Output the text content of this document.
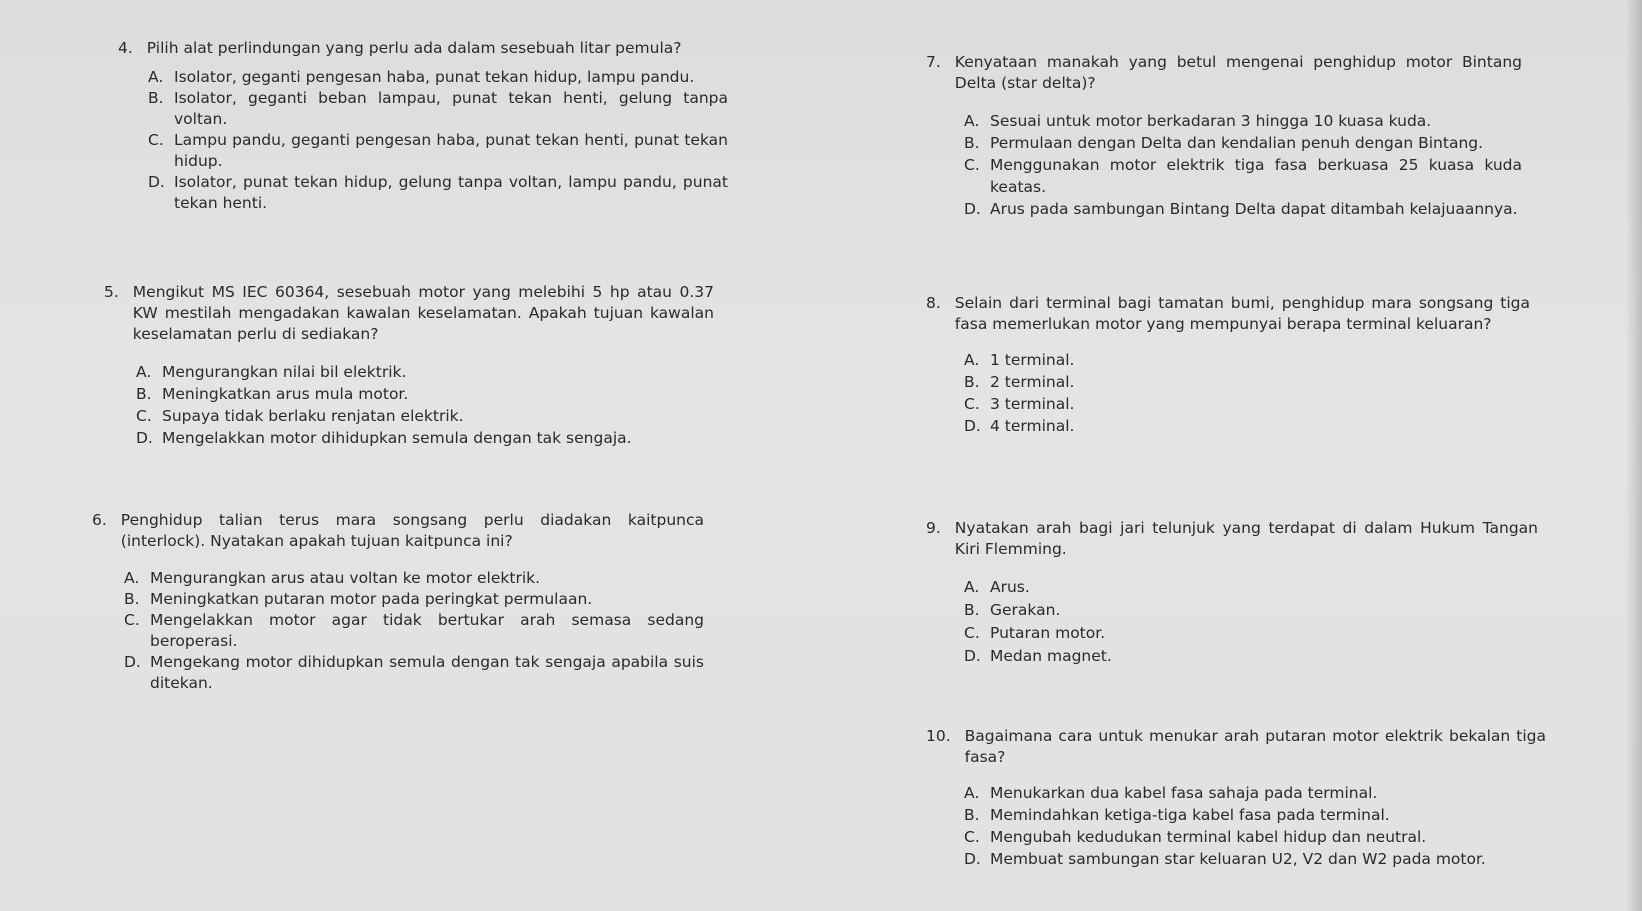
4. Pilih alat perlindungan yang perlu ada dalam sesebuah litar pemula?
A. Isolator, geganti pengesan haba, punat tekan hidup, lampu pandu.
B. Isolator, geganti beban lampau, punat tekan henti, gelung tanpa voltan.
C. Lampu pandu, geganti pengesan haba, punat tekan henti, punat tekan hidup.
D. Isolator, punat tekan hidup, gelung tanpa voltan, lampu pandu, punat tekan henti.
5. Mengikut MS IEC 60364, sesebuah motor yang melebihi 5 hp atau 0.37 KW mestilah mengadakan kawalan keselamatan. Apakah tujuan kawalan keselamatan perlu di sediakan?
A. Mengurangkan nilai bil elektrik.
B. Meningkatkan arus mula motor.
C. Supaya tidak berlaku renjatan elektrik.
D. Mengelakkan motor dihidupkan semula dengan tak sengaja.
6. Penghidup talian terus mara songsang perlu diadakan kaitpunca (interlock). Nyatakan apakah tujuan kaitpunca ini?
A. Mengurangkan arus atau voltan ke motor elektrik.
B. Meningkatkan putaran motor pada peringkat permulaan.
C. Mengelakkan motor agar tidak bertukar arah semasa sedang beroperasi.
D. Mengekang motor dihidupkan semula dengan tak sengaja apabila suis ditekan.
7. Kenyataan manakah yang betul mengenai penghidup motor Bintang Delta (star delta)?
A. Sesuai untuk motor berkadaran 3 hingga 10 kuasa kuda.
B. Permulaan dengan Delta dan kendalian penuh dengan Bintang.
C. Menggunakan motor elektrik tiga fasa berkuasa 25 kuasa kuda keatas.
D. Arus pada sambungan Bintang Delta dapat ditambah kelajuaannya.
8. Selain dari terminal bagi tamatan bumi, penghidup mara songsang tiga fasa memerlukan motor yang mempunyai berapa terminal keluaran?
A. 1 terminal.
B. 2 terminal.
C. 3 terminal.
D. 4 terminal.
9. Nyatakan arah bagi jari telunjuk yang terdapat di dalam Hukum Tangan Kiri Flemming.
A. Arus.
B. Gerakan.
C. Putaran motor.
D. Medan magnet.
10. Bagaimana cara untuk menukar arah putaran motor elektrik bekalan tiga fasa?
A. Menukarkan dua kabel fasa sahaja pada terminal.
B. Memindahkan ketiga-tiga kabel fasa pada terminal.
C. Mengubah kedudukan terminal kabel hidup dan neutral.
D. Membuat sambungan star keluaran U2, V2 dan W2 pada motor.
